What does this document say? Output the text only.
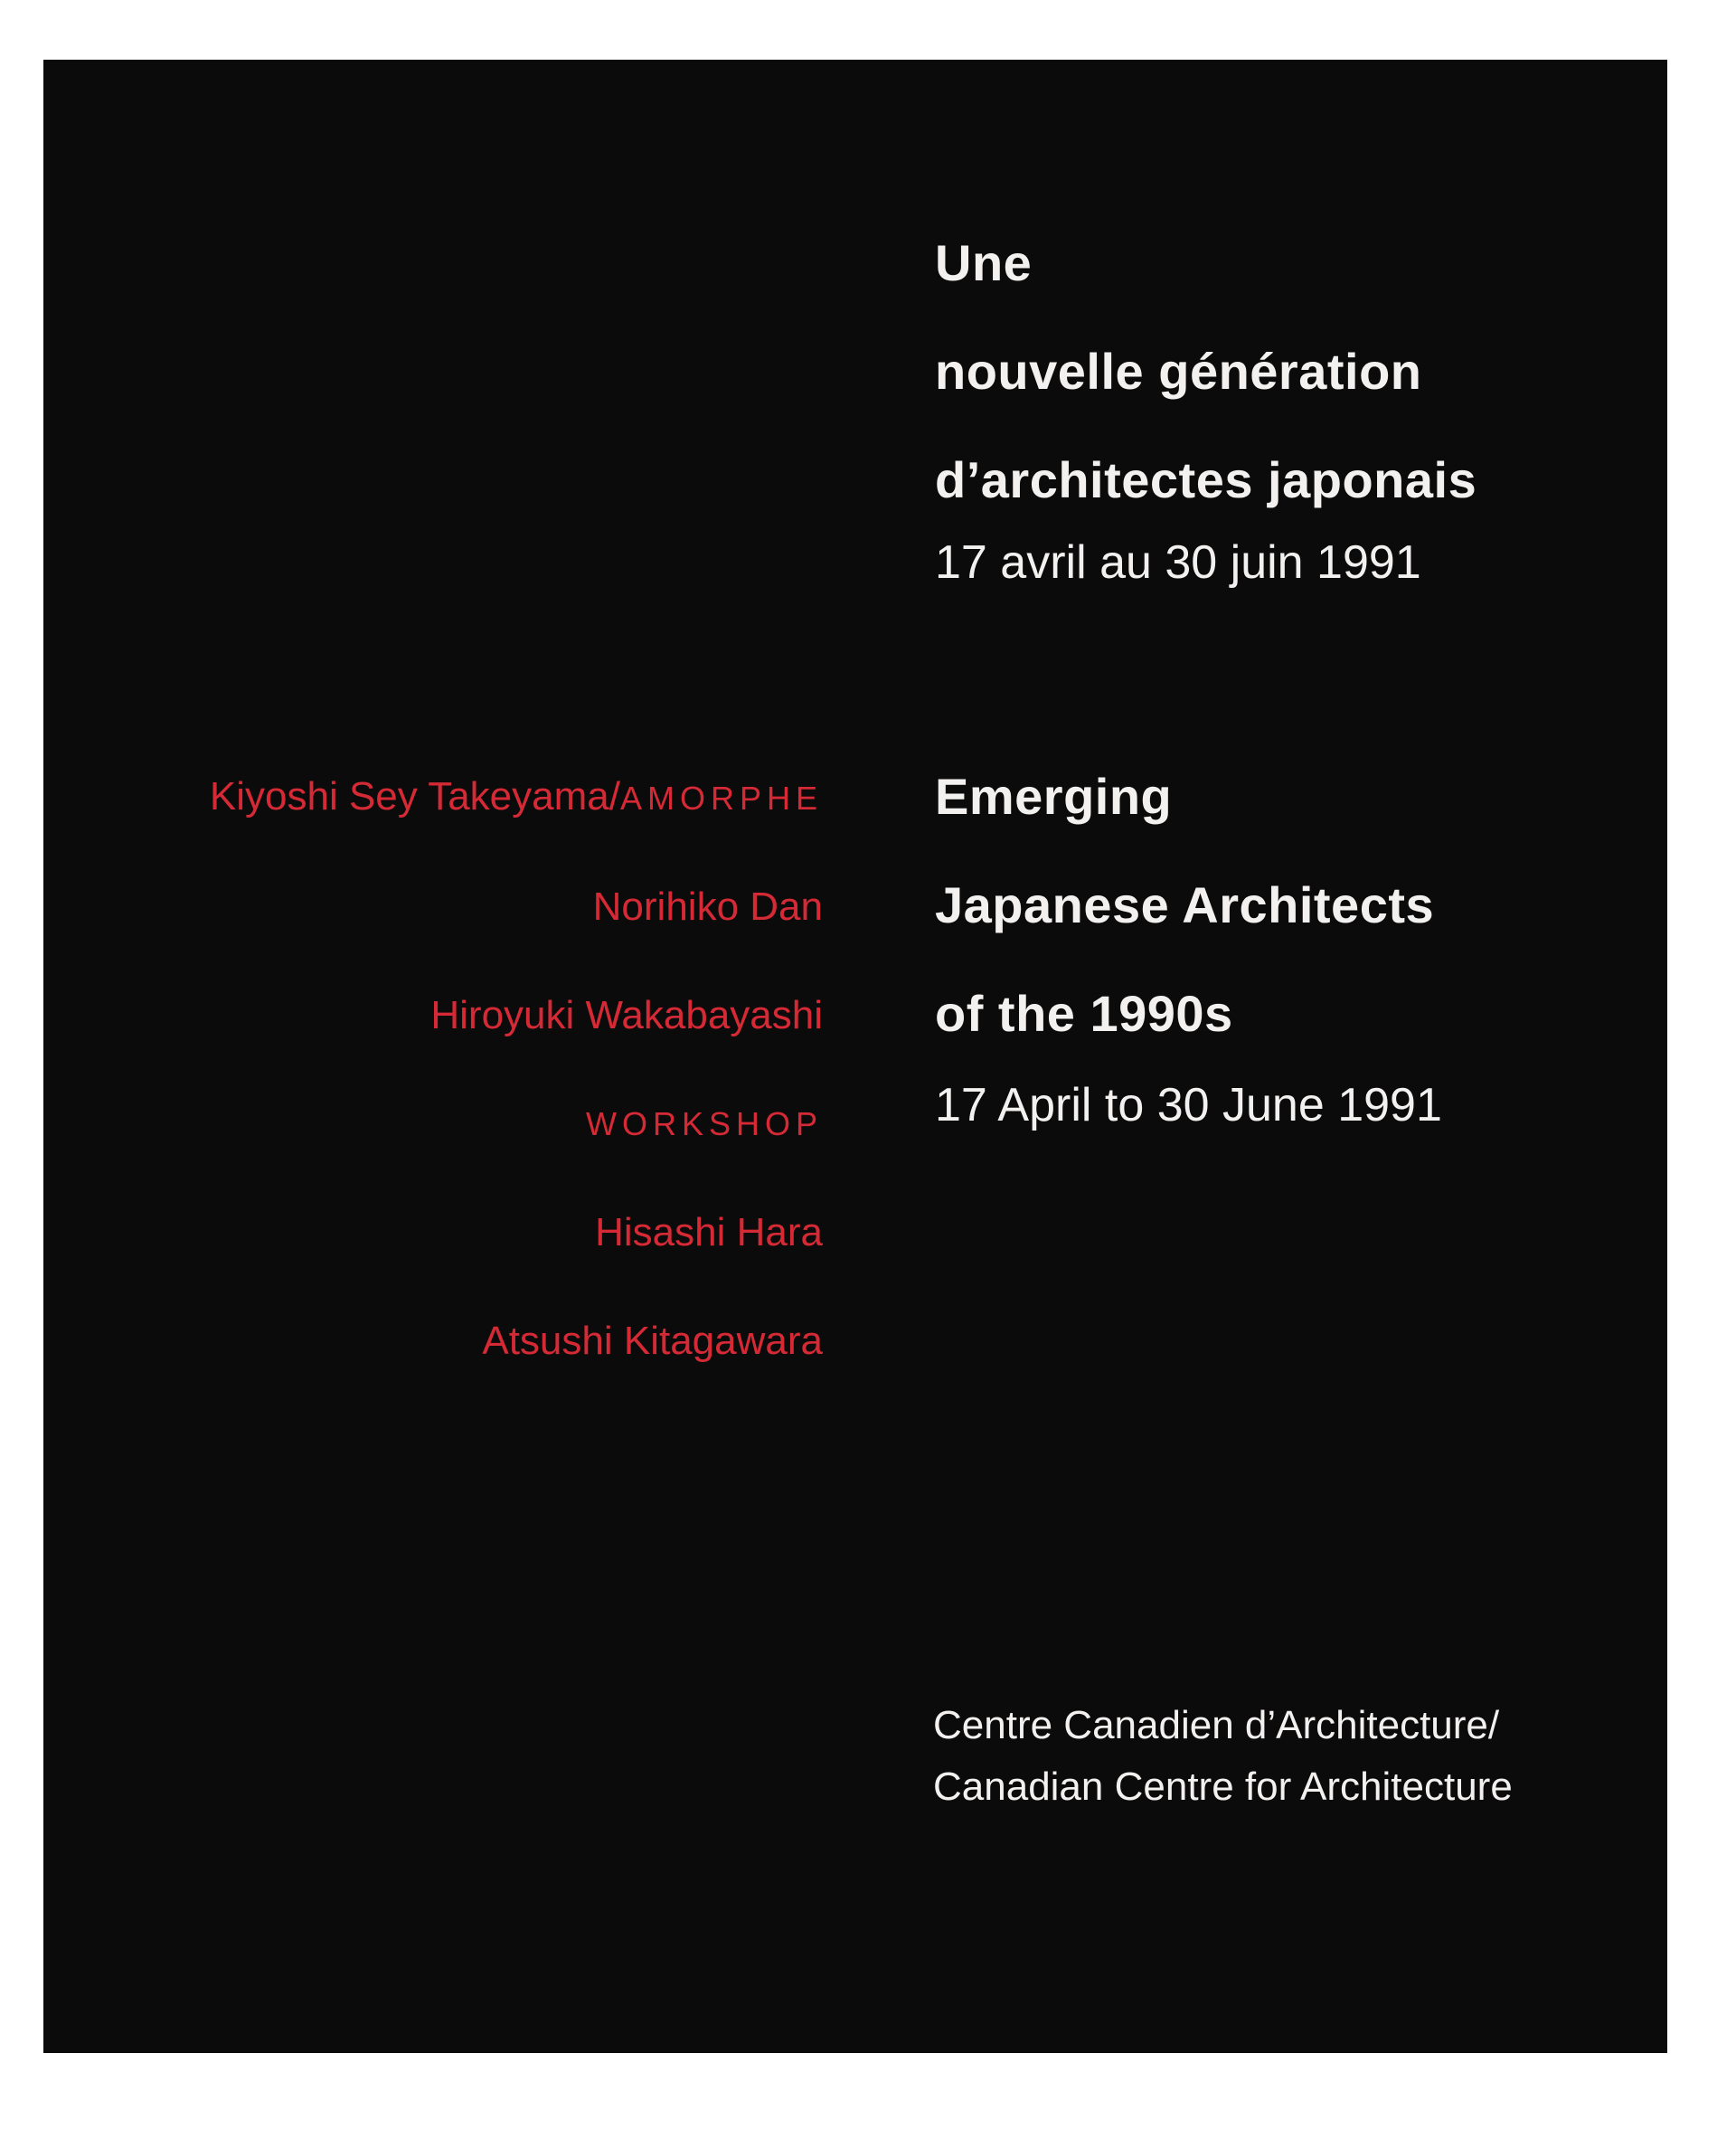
Une
nouvelle génération
d’architectes japonais
17 avril au 30 juin 1991
Emerging
Japanese Architects
of the 1990s
17 April to 30 June 1991
Kiyoshi Sey Takeyama/AMORPHE
Norihiko Dan
Hiroyuki Wakabayashi
WORKSHOP
Hisashi Hara
Atsushi Kitagawara
Centre Canadien d’Architecture/
Canadian Centre for Architecture
